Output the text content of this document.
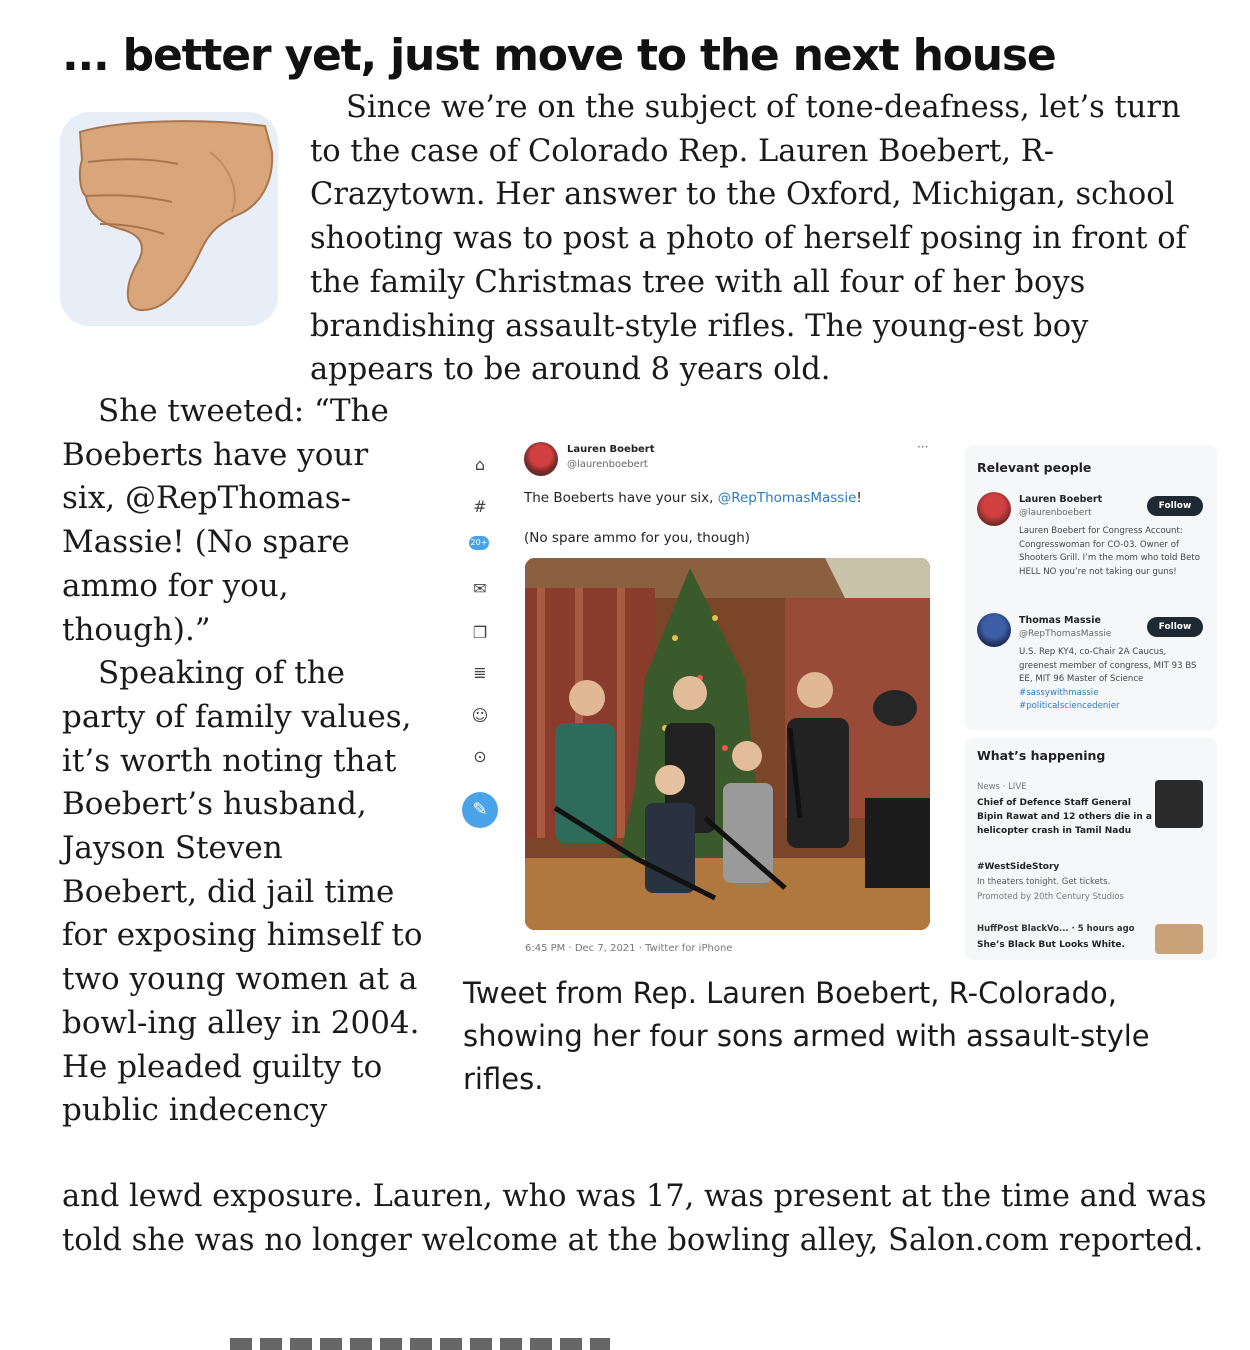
... better yet, just move to the next house

Since we’re on the subject of tone-deafness, let’s turn to the case of Colorado Rep. Lauren Boebert, R-Crazytown. Her answer to the Oxford, Michigan, school shooting was to post a photo of herself posing in front of the family Christmas tree with all four of her boys brandishing assault-style rifles. The young-est boy appears to be around 8 years old.

She tweeted: “The Boeberts have your six, @RepThomas-Massie! (No spare ammo for you, though).”

Speaking of the party of family values, it’s worth noting that Boebert’s husband, Jayson Steven Boebert, did jail time for exposing himself to two young women at a bowl-ing alley in 2004. He pleaded guilty to public indecency

⌂
#
20+
✉
❐
≣
☺
⊙
✎
Lauren Boebert
@laurenboebert
···
The Boeberts have your six, @RepThomasMassie!
(No spare ammo for you, though)
6:45 PM · Dec 7, 2021 · Twitter for iPhone
Relevant people
Lauren Boebert
@laurenboebert
Follow
Lauren Boebert for Congress Account: Congresswoman for CO-03. Owner of Shooters Grill. I’m the mom who told Beto HELL NO you’re not taking our guns!
Thomas Massie
@RepThomasMassie
Follow
U.S. Rep KY4, co-Chair 2A Caucus, greenest member of congress, MIT 93 BS EE, MIT 96 Master of Science
#sassywithmassie
#politicalsciencedenier
What’s happening
News · LIVE
Chief of Defence Staff General Bipin Rawat and 12 others die in a helicopter crash in Tamil Nadu
#WestSideStory
In theaters tonight. Get tickets.
Promoted by 20th Century Studios
HuffPost BlackVo... · 5 hours ago
She’s Black But Looks White.

Tweet from Rep. Lauren Boebert, R-Colorado, showing her four sons armed with assault-style rifles.

and lewd exposure. Lauren, who was 17, was present at the time and was told she was no longer welcome at the bowling alley, Salon.com reported.
